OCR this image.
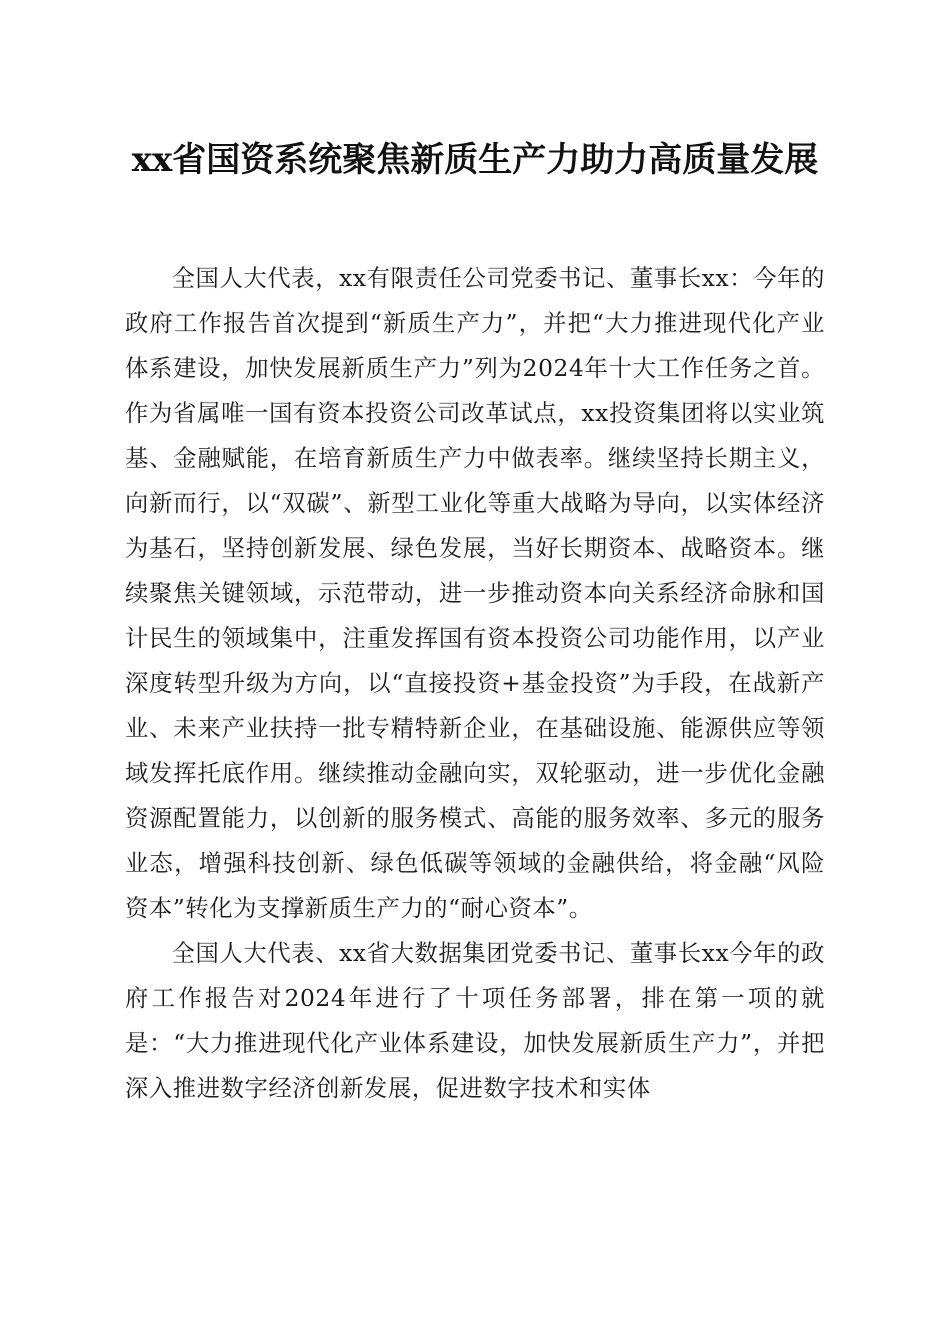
xx省国资系统聚焦新质生产力助力高质量发展

全国人大代表，xx有限责任公司党委书记、董事长xx：今年的政府工作报告首次提到“新质生产力”，并把“大力推进现代化产业体系建设，加快发展新质生产力”列为2024年十大工作任务之首。作为省属唯一国有资本投资公司改革试点，xx投资集团将以实业筑基、金融赋能，在培育新质生产力中做表率。继续坚持长期主义，向新而行，以“双碳”、新型工业化等重大战略为导向，以实体经济为基石，坚持创新发展、绿色发展，当好长期资本、战略资本。继续聚焦关键领域，示范带动，进一步推动资本向关系经济命脉和国计民生的领域集中，注重发挥国有资本投资公司功能作用，以产业深度转型升级为方向，以“直接投资+基金投资”为手段，在战新产业、未来产业扶持一批专精特新企业，在基础设施、能源供应等领域发挥托底作用。继续推动金融向实，双轮驱动，进一步优化金融资源配置能力，以创新的服务模式、高能的服务效率、多元的服务业态，增强科技创新、绿色低碳等领域的金融供给，将金融“风险资本”转化为支撑新质生产力的“耐心资本”。

全国人大代表、xx省大数据集团党委书记、董事长xx今年的政府工作报告对2024年进行了十项任务部署，排在第一项的就是：“大力推进现代化产业体系建设，加快发展新质生产力”，并把深入推进数字经济创新发展，促进数字技术和实体
